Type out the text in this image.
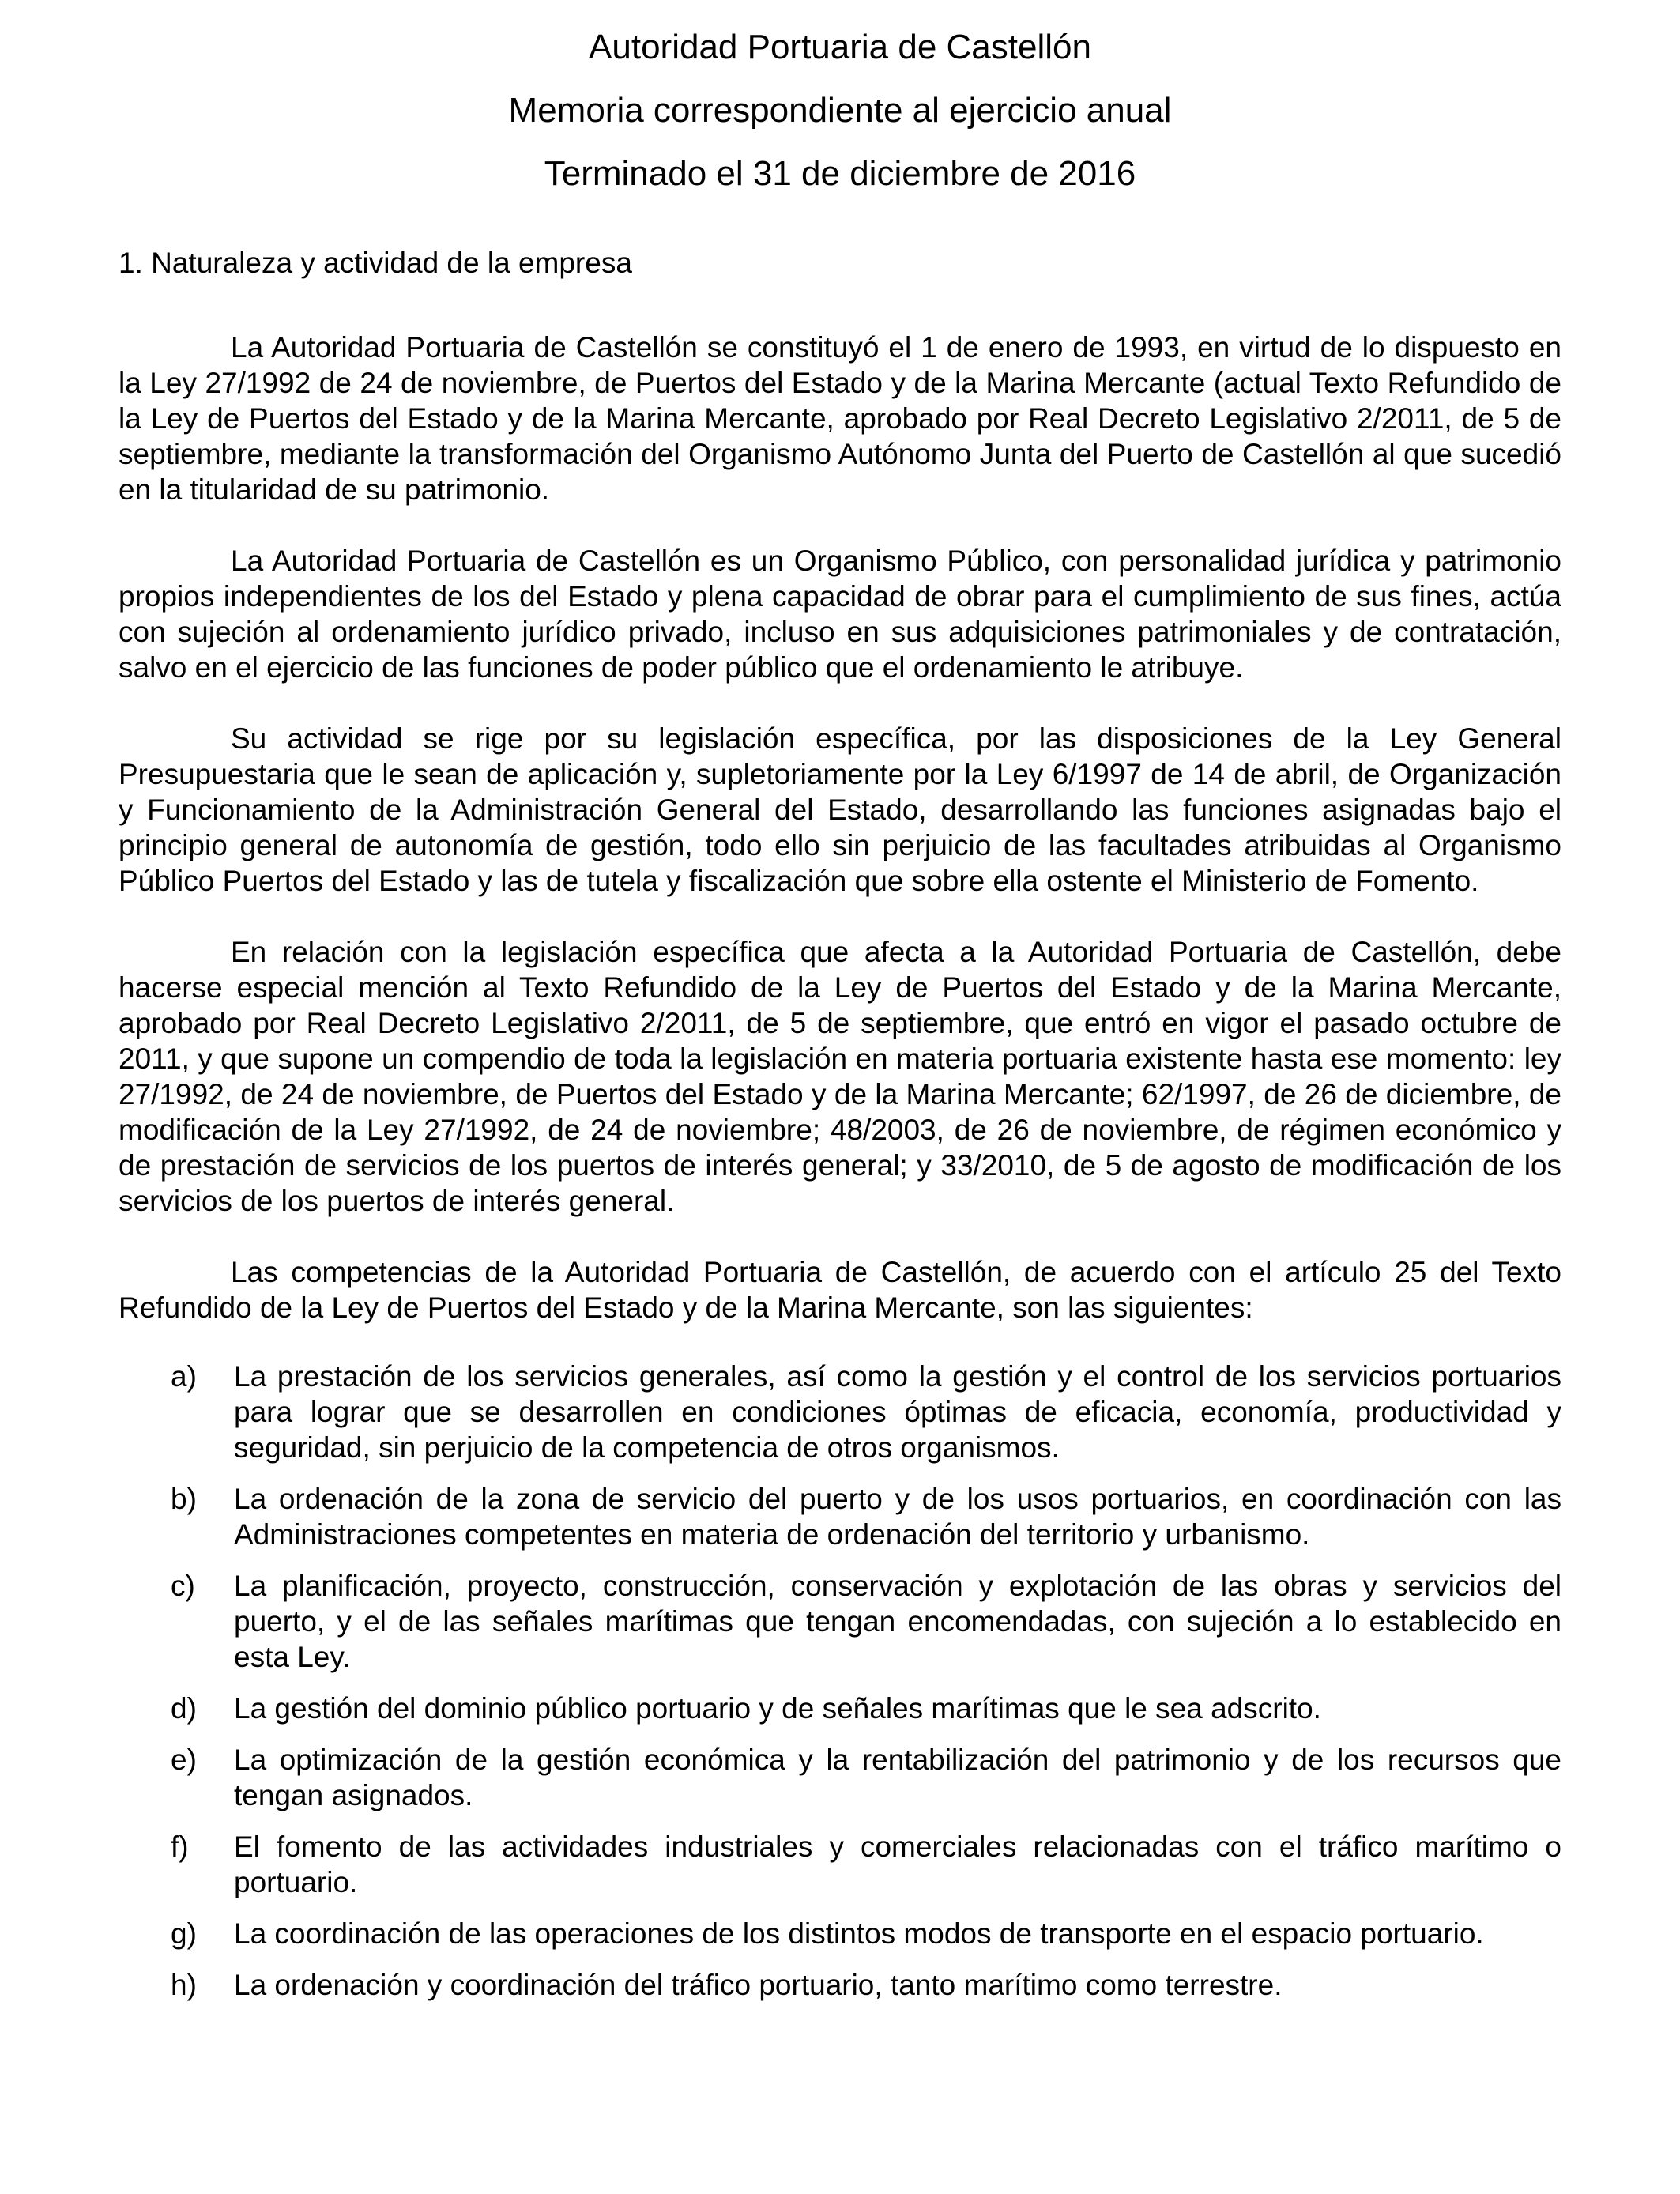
Autoridad Portuaria de Castellón
Memoria correspondiente al ejercicio anual
Terminado el 31 de diciembre de 2016
1. Naturaleza y actividad de la empresa

La Autoridad Portuaria de Castellón se constituyó el 1 de enero de 1993, en virtud de lo dispuesto en la Ley 27/1992 de 24 de noviembre, de Puertos del Estado y de la Marina Mercante (actual Texto Refundido de la Ley de Puertos del Estado y de la Marina Mercante, aprobado por Real Decreto Legislativo 2/2011, de 5 de septiembre, mediante la transformación del Organismo Autónomo Junta del Puerto de Castellón al que sucedió en la titularidad de su patrimonio.

La Autoridad Portuaria de Castellón es un Organismo Público, con personalidad jurídica y patrimonio propios independientes de los del Estado y plena capacidad de obrar para el cumplimiento de sus fines, actúa con sujeción al ordenamiento jurídico privado, incluso en sus adquisiciones patrimoniales y de contratación, salvo en el ejercicio de las funciones de poder público que el ordenamiento le atribuye.

Su actividad se rige por su legislación específica, por las disposiciones de la Ley General Presupuestaria que le sean de aplicación y, supletoriamente por la Ley 6/1997 de 14 de abril, de Organización y Funcionamiento de la Administración General del Estado, desarrollando las funciones asignadas bajo el principio general de autonomía de gestión, todo ello sin perjuicio de las facultades atribuidas al Organismo Público Puertos del Estado y las de tutela y fiscalización que sobre ella ostente el Ministerio de Fomento.

En relación con la legislación específica que afecta a la Autoridad Portuaria de Castellón, debe hacerse especial mención al Texto Refundido de la Ley de Puertos del Estado y de la Marina Mercante, aprobado por Real Decreto Legislativo 2/2011, de 5 de septiembre, que entró en vigor el pasado octubre de 2011, y que supone un compendio de toda la legislación en materia portuaria existente hasta ese momento: ley 27/1992, de 24 de noviembre, de Puertos del Estado y de la Marina Mercante; 62/1997, de 26 de diciembre, de modificación de la Ley 27/1992, de 24 de noviembre; 48/2003, de 26 de noviembre, de régimen económico y de prestación de servicios de los puertos de interés general; y 33/2010, de 5 de agosto de modificación de los servicios de los puertos de interés general.

Las competencias de la Autoridad Portuaria de Castellón, de acuerdo con el artículo 25 del Texto Refundido de la Ley de Puertos del Estado y de la Marina Mercante, son las siguientes:

a)	La prestación de los servicios generales, así como la gestión y el control de los servicios portuarios para lograr que se desarrollen en condiciones óptimas de eficacia, economía, productividad y seguridad, sin perjuicio de la competencia de otros organismos.
b)	La ordenación de la zona de servicio del puerto y de los usos portuarios, en coordinación con las Administraciones competentes en materia de ordenación del territorio y urbanismo.
c)	La planificación, proyecto, construcción, conservación y explotación de las obras y servicios del puerto, y el de las señales marítimas que tengan encomendadas, con sujeción a lo establecido en esta Ley.
d)	La gestión del dominio público portuario y de señales marítimas que le sea adscrito.
e)	La optimización de la gestión económica y la rentabilización del patrimonio y de los recursos que tengan asignados.
f)	El fomento de las actividades industriales y comerciales relacionadas con el tráfico marítimo o portuario.
g)	La coordinación de las operaciones de los distintos modos de transporte en el espacio portuario.
h)	La ordenación y coordinación del tráfico portuario, tanto marítimo como terrestre.
